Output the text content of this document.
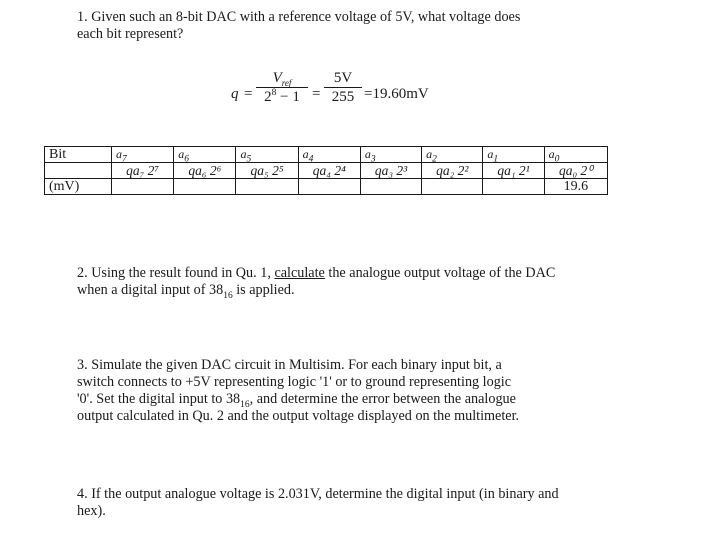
1. Given such an 8-bit DAC with a reference voltage of 5V, what voltage does
each bit represent?
q =
$V_{ref}$
$2^8 - 1$ =
5V
255 =19.60mV
Bit	$a_7$	$a_6$	$a_5$	$a_4$	$a_3$	$a_2$	$a_1$	$a_0$
	qa₇ 2⁷	qa₆ 2⁶	qa₅ 2⁵	qa₄ 2⁴	qa₃ 2³	qa₂ 2²	qa₁ 2¹	qa₀ 2⁰
(mV)								19.6
2. Using the result found in Qu. 1, calculate the analogue output voltage of the DAC
when a digital input of $38_{16}$ is applied.
3. Simulate the given DAC circuit in Multisim. For each binary input bit, a
switch connects to +5V representing logic '1' or to ground representing logic
'0'. Set the digital input to $38_{16}$, and determine the error between the analogue
output calculated in Qu. 2 and the output voltage displayed on the multimeter.
4. If the output analogue voltage is 2.031V, determine the digital input (in binary and
hex).
